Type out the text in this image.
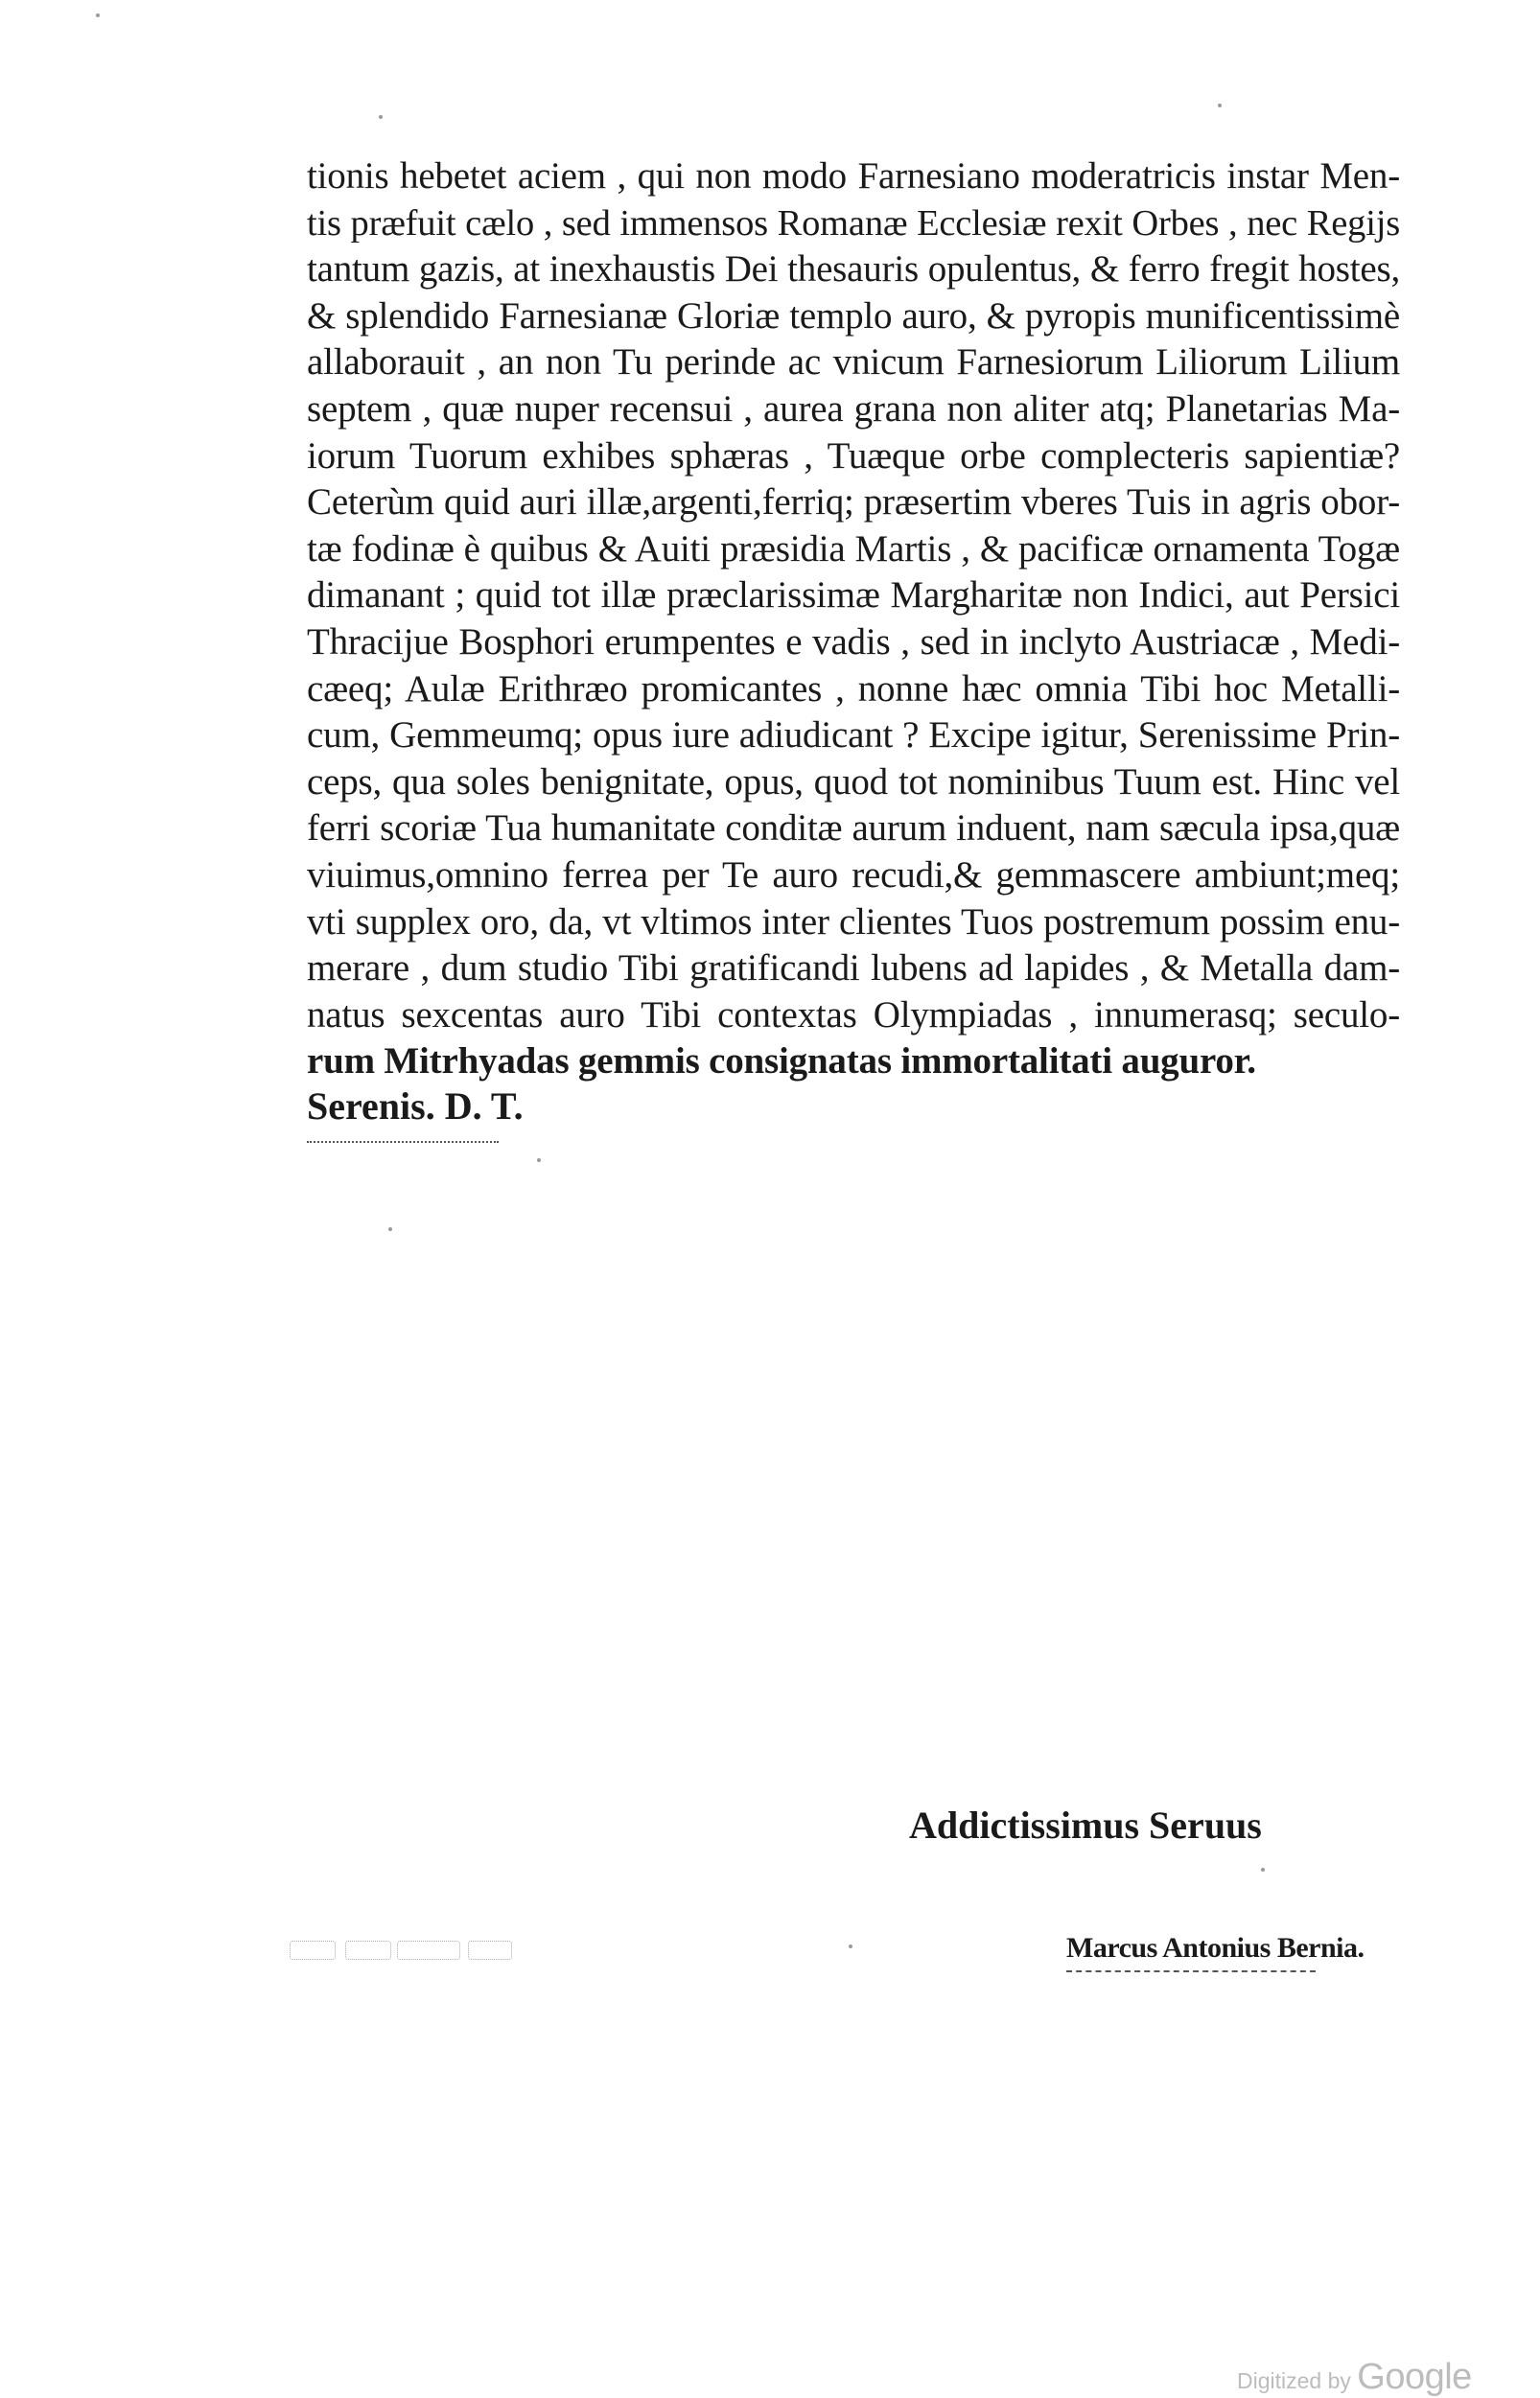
tionis hebetet aciem , qui non modo Farnesiano moderatricis instar Men-
tis præfuit cælo , sed immensos Romanæ Ecclesiæ rexit Orbes , nec Regijs
tantum gazis, at inexhaustis Dei thesauris opulentus, & ferro fregit hostes,
& splendido Farnesianæ Gloriæ templo auro, & pyropis munificentissimè
allaborauit , an non Tu perinde ac vnicum Farnesiorum Liliorum Lilium
septem , quæ nuper recensui , aurea grana non aliter atq; Planetarias Ma-
iorum Tuorum exhibes sphæras , Tuæque orbe complecteris sapientiæ?
Ceterùm quid auri illæ,argenti,ferriq; præsertim vberes Tuis in agris obor-
tæ fodinæ è quibus & Auiti præsidia Martis , & pacificæ ornamenta Togæ
dimanant ; quid tot illæ præclarissimæ Margharitæ non Indici, aut Persici
Thracijue Bosphori erumpentes e vadis , sed in inclyto Austriacæ , Medi-
cæeq; Aulæ Erithræo promicantes , nonne hæc omnia Tibi hoc Metalli-
cum, Gemmeumq; opus iure adiudicant ? Excipe igitur, Serenissime Prin-
ceps, qua soles benignitate, opus, quod tot nominibus Tuum est. Hinc vel
ferri scoriæ Tua humanitate conditæ aurum induent, nam sæcula ipsa,quæ
viuimus,omnino ferrea per Te auro recudi,& gemmascere ambiunt;meq;
vti supplex oro, da, vt vltimos inter clientes Tuos postremum possim enu-
merare , dum studio Tibi gratificandi lubens ad lapides , & Metalla dam-
natus sexcentas auro Tibi contextas Olympiadas , innumerasq; seculo-
rum Mitrhyadas gemmis consignatas immortalitati auguror.
Serenis. D. T.
Addictissimus Seruus
Marcus Antonius Bernia.
Digitized by Google
